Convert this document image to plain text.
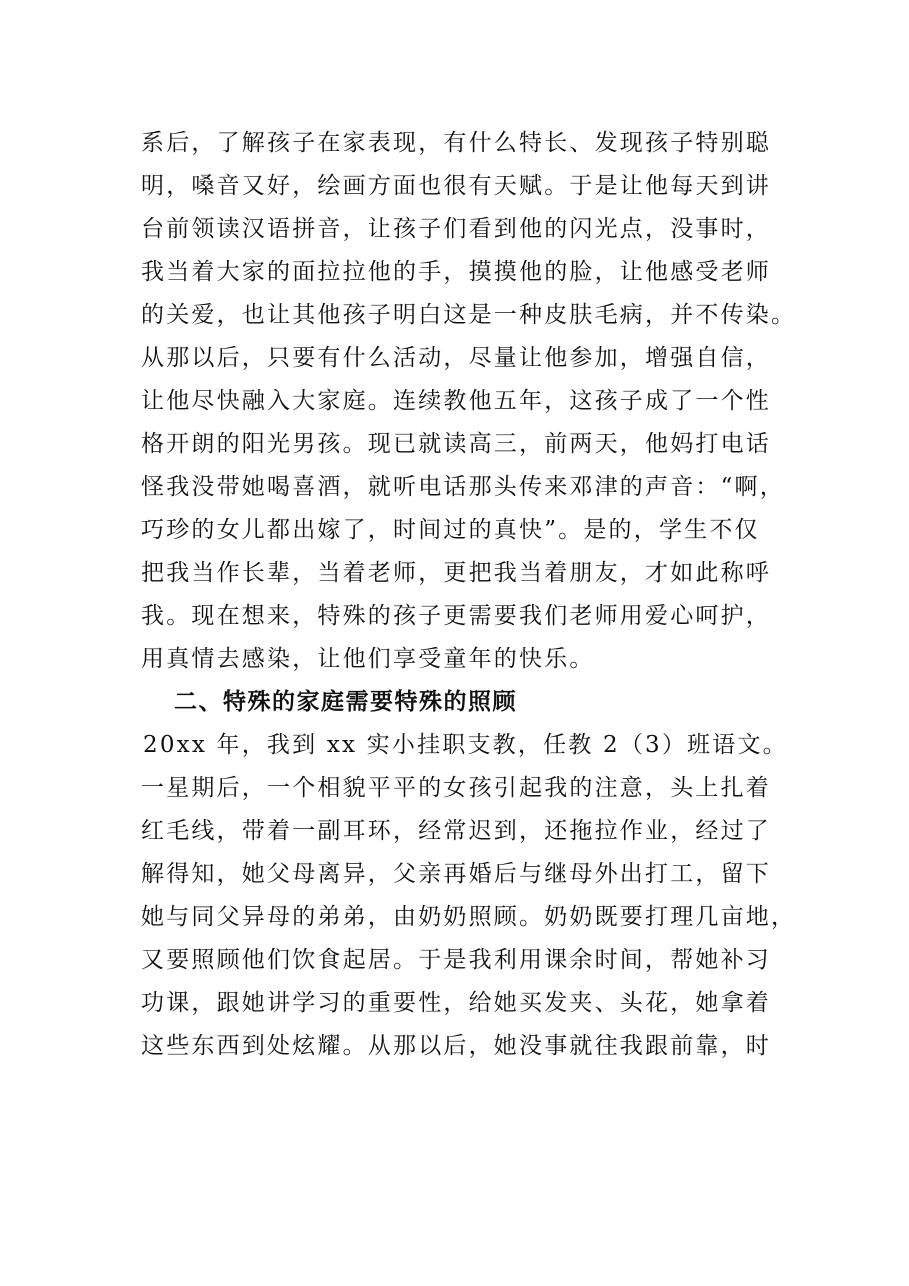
系后，了解孩子在家表现，有什么特长、发现孩子特别聪
明，嗓音又好，绘画方面也很有天赋。于是让他每天到讲
台前领读汉语拼音，让孩子们看到他的闪光点，没事时，
我当着大家的面拉拉他的手，摸摸他的脸，让他感受老师
的关爱，也让其他孩子明白这是一种皮肤毛病，并不传染。
从那以后，只要有什么活动，尽量让他参加，增强自信，
让他尽快融入大家庭。连续教他五年，这孩子成了一个性
格开朗的阳光男孩。现已就读高三，前两天，他妈打电话
怪我没带她喝喜酒，就听电话那头传来邓津的声音：“啊，
巧珍的女儿都出嫁了，时间过的真快”。是的，学生不仅
把我当作长辈，当着老师，更把我当着朋友，才如此称呼
我。现在想来，特殊的孩子更需要我们老师用爱心呵护，
用真情去感染，让他们享受童年的快乐。
二、特殊的家庭需要特殊的照顾
20xx 年，我到 xx 实小挂职支教，任教 2（3）班语文。
一星期后，一个相貌平平的女孩引起我的注意，头上扎着
红毛线，带着一副耳环，经常迟到，还拖拉作业，经过了
解得知，她父母离异，父亲再婚后与继母外出打工，留下
她与同父异母的弟弟，由奶奶照顾。奶奶既要打理几亩地，
又要照顾他们饮食起居。于是我利用课余时间，帮她补习
功课，跟她讲学习的重要性，给她买发夹、头花，她拿着
这些东西到处炫耀。从那以后，她没事就往我跟前靠，时
